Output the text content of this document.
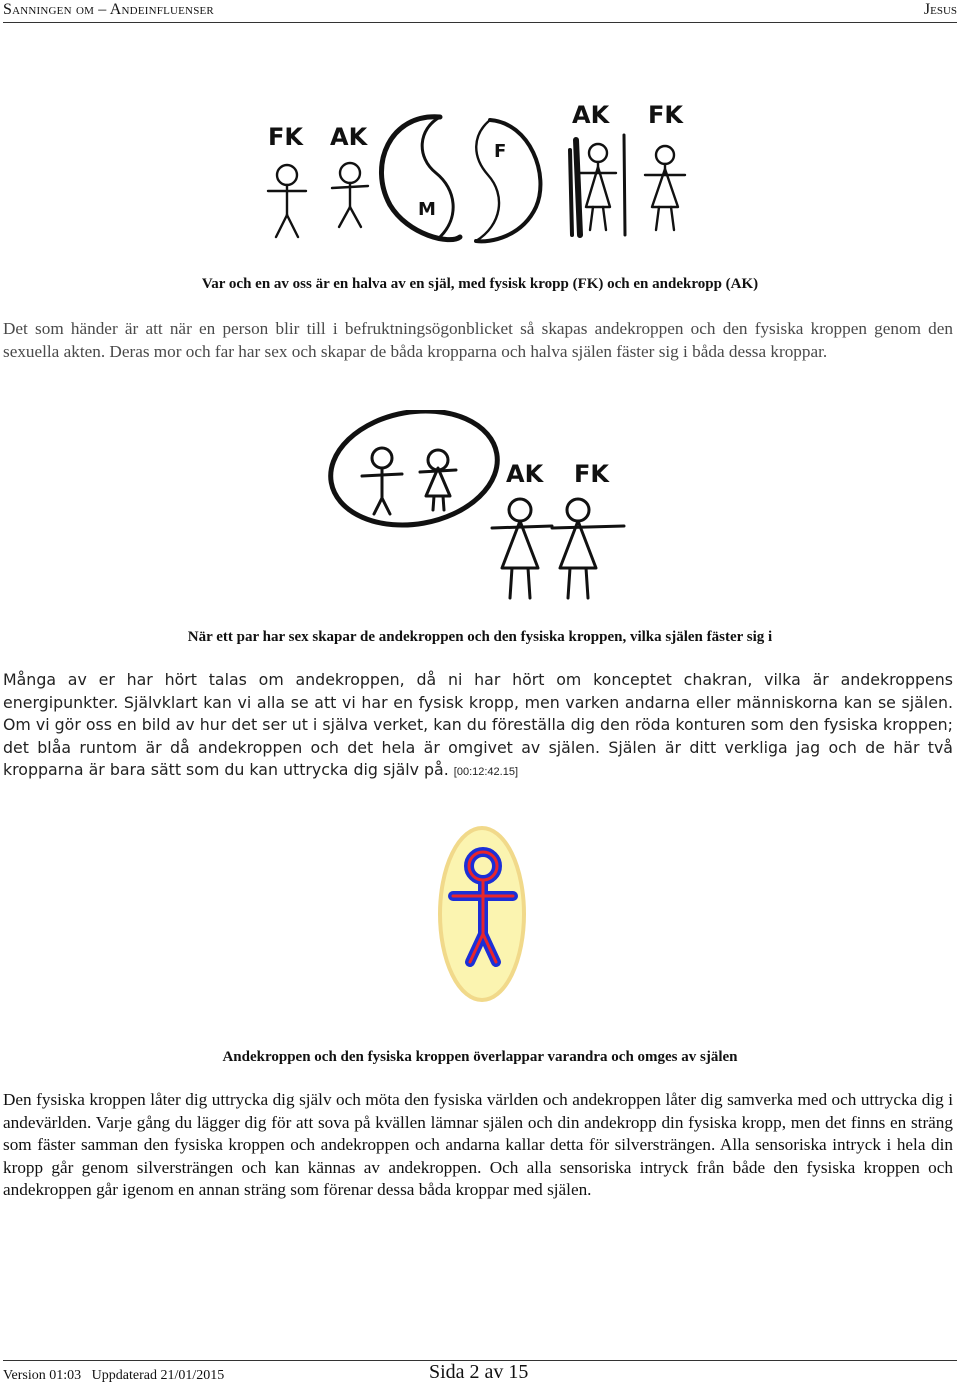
Sanningen om – Andeinfluenser	Jesus
FK AK
M
F
AK FK
Var och en av oss är en halva av en själ, med fysisk kropp (FK) och en andekropp (AK)

Det som händer är att när en person blir till i befruktningsögonblicket så skapas andekroppen och den fysiska kroppen genom den sexuella akten. Deras mor och far har sex och skapar de båda kropparna och halva själen fäster sig i båda dessa kroppar.

AK FK
När ett par har sex skapar de andekroppen och den fysiska kroppen, vilka själen fäster sig i

Många av er har hört talas om andekroppen, då ni har hört om konceptet chakran, vilka är andekroppens energipunkter. Självklart kan vi alla se att vi har en fysisk kropp, men varken andarna eller människorna kan se själen. Om vi gör oss en bild av hur det ser ut i själva verket, kan du föreställa dig den röda konturen som den fysiska kroppen; det blåa runtom är då andekroppen och det hela är omgivet av själen. Själen är ditt verkliga jag och de här två kropparna är bara sätt som du kan uttrycka dig själv på. [00:12:42.15]

Andekroppen och den fysiska kroppen överlappar varandra och omges av själen

Den fysiska kroppen låter dig uttrycka dig själv och möta den fysiska världen och andekroppen låter dig samverka med och uttrycka dig i andevärlden. Varje gång du lägger dig för att sova på kvällen lämnar själen och din andekropp din fysiska kropp, men det finns en sträng som fäster samman den fysiska kroppen och andekroppen och andarna kallar detta för silversträngen. Alla sensoriska intryck i hela din kropp går genom silversträngen och kan kännas av andekroppen. Och alla sensoriska intryck från både den fysiska kroppen och andekroppen går igenom en annan sträng som förenar dessa båda kroppar med själen.

Version 01:03   Uppdaterad 21/01/2015	Sida 2 av 15
